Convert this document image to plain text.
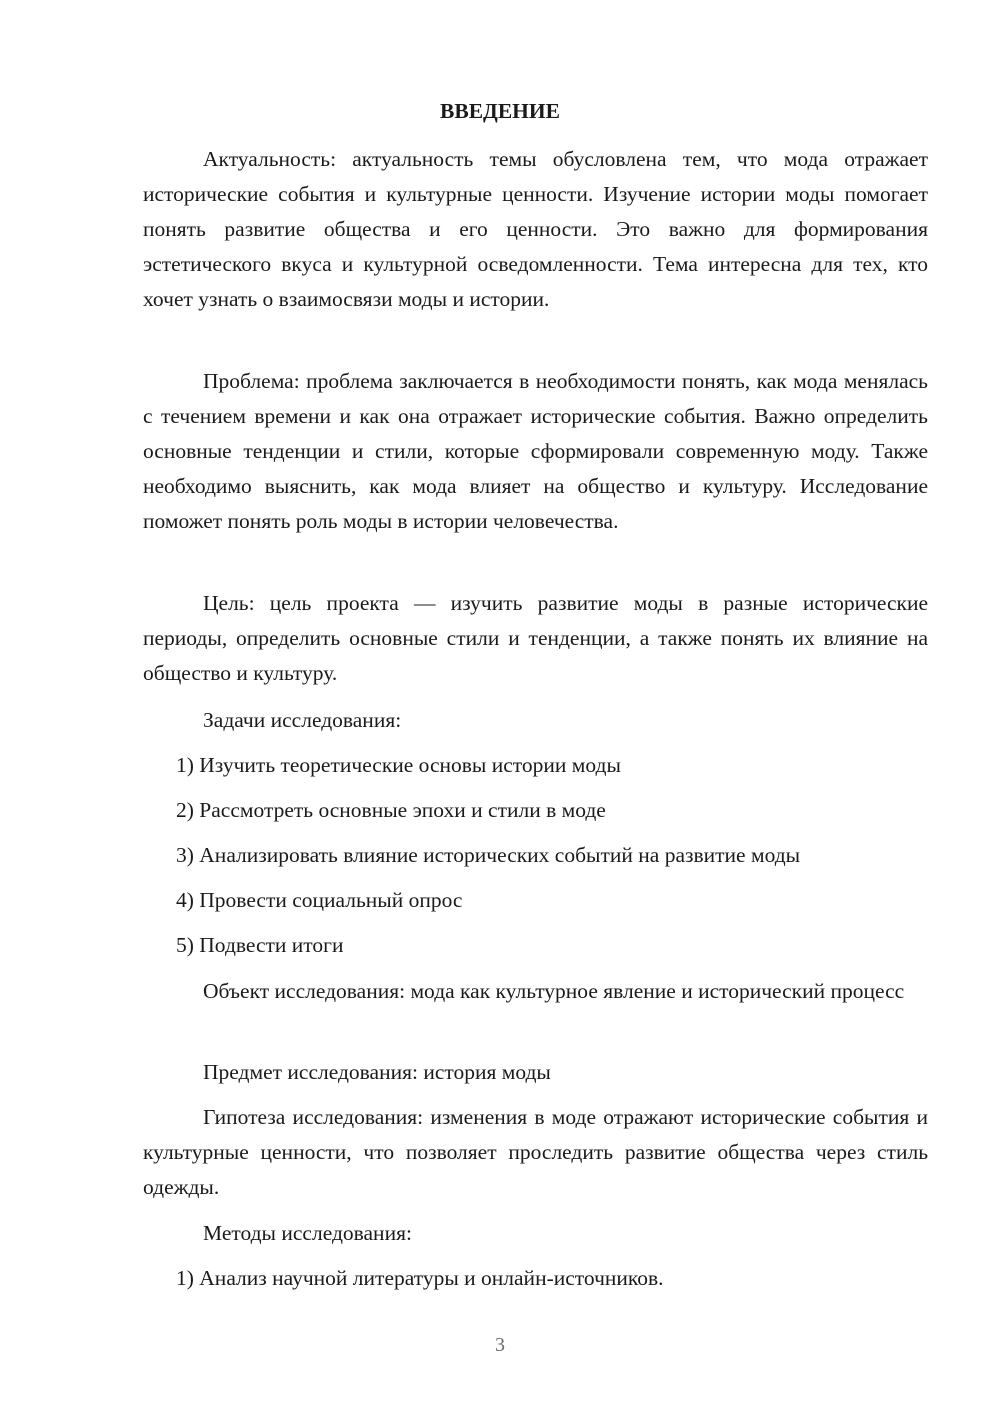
ВВЕДЕНИЕ

Актуальность: актуальность темы обусловлена тем, что мода отражает исторические события и культурные ценности. Изучение истории моды помогает понять развитие общества и его ценности. Это важно для формирования эстетического вкуса и культурной осведомленности. Тема интересна для тех, кто хочет узнать о взаимосвязи моды и истории.

Проблема: проблема заключается в необходимости понять, как мода менялась с течением времени и как она отражает исторические события. Важно определить основные тенденции и стили, которые сформировали современную моду. Также необходимо выяснить, как мода влияет на общество и культуру. Исследование поможет понять роль моды в истории человечества.

Цель: цель проекта — изучить развитие моды в разные исторические периоды, определить основные стили и тенденции, а также понять их влияние на общество и культуру.

Задачи исследования:

1) Изучить теоретические основы истории моды

2) Рассмотреть основные эпохи и стили в моде

3) Анализировать влияние исторических событий на развитие моды

4) Провести социальный опрос

5) Подвести итоги

Объект исследования: мода как культурное явление и исторический процесс

Предмет исследования: история моды

Гипотеза исследования: изменения в моде отражают исторические события и культурные ценности, что позволяет проследить развитие общества через стиль одежды.

Методы исследования:

1) Анализ научной литературы и онлайн-источников.

3
